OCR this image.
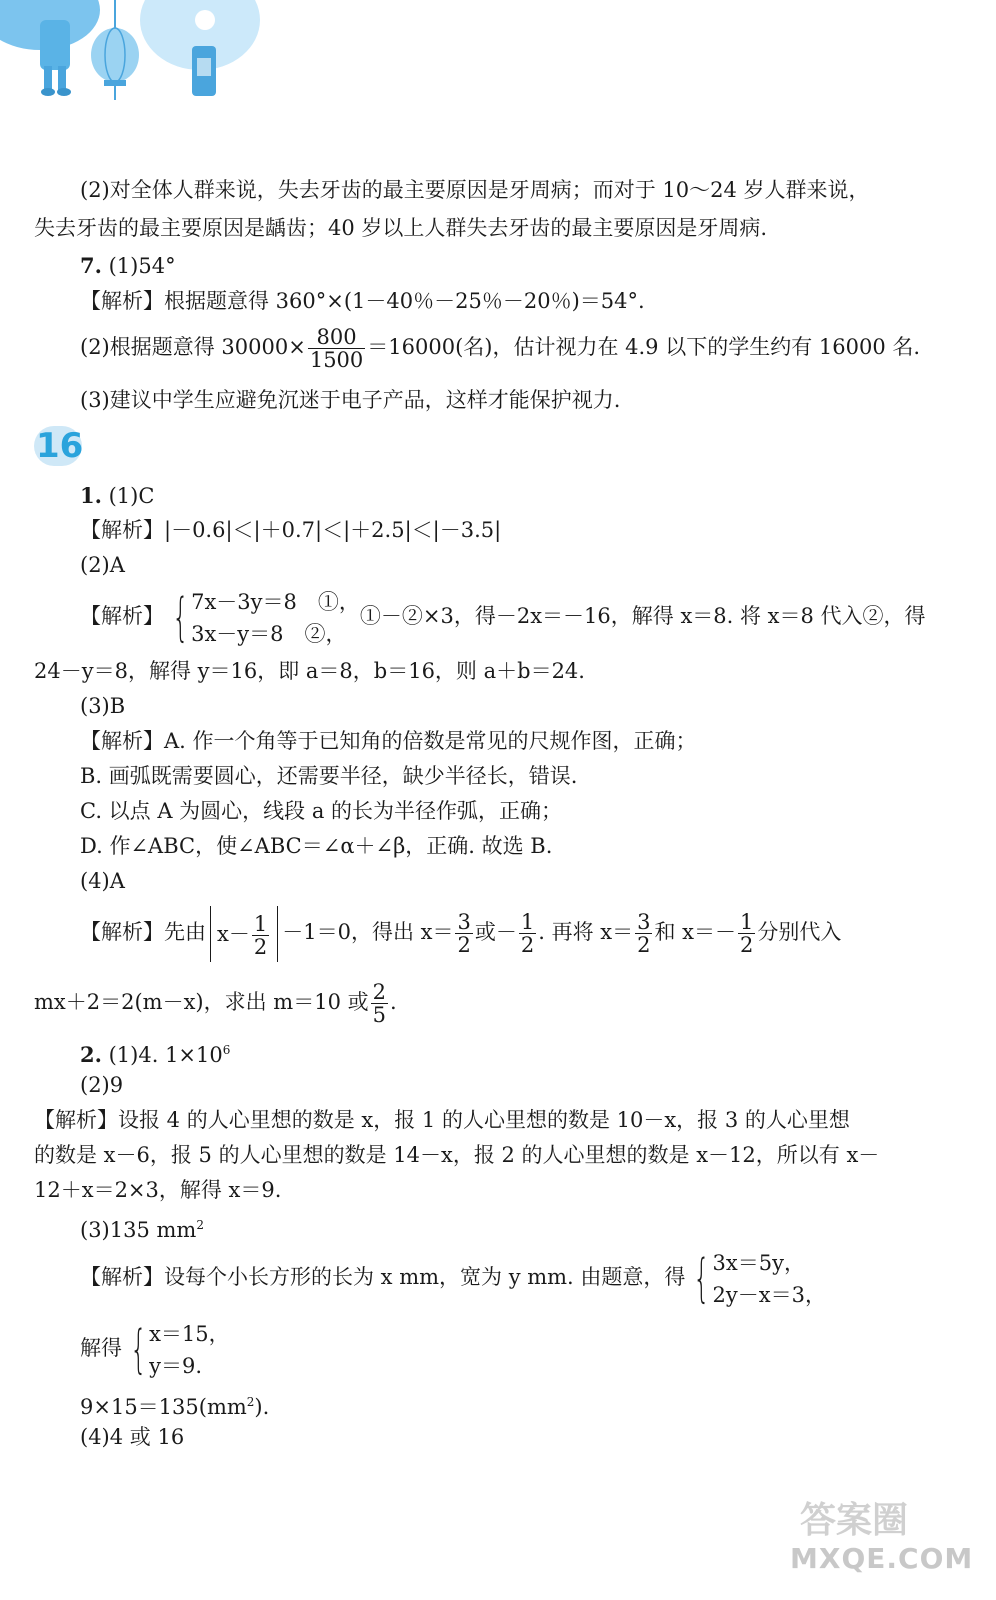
(2)对全体人群来说，失去牙齿的最主要原因是牙周病；而对于 10～24 岁人群来说，
失去牙齿的最主要原因是龋齿；40 岁以上人群失去牙齿的最主要原因是牙周病.
7. (1)54°
【解析】根据题意得 360°×(1－40％－25％－20％)＝54°.
(2)根据题意得 $30000\times \frac{800}{1500} =16000$(名)，估计视力在 4.9 以下的学生约有 16000 名.
(3)建议中学生应避免沉迷于电子产品，这样才能保护视力.
16
1. (1)C
【解析】|－0.6|＜|＋0.7|＜|＋2.5|＜|－3.5|
(2)A
【解析】 { 7x－3y＝8　①，
3x－y＝8　②，
①－②×3，得－2x＝－16，解得 x＝8. 将 x＝8 代入②，得
24－y＝8，解得 y＝16，即 a＝8，b＝16，则 a＋b＝24.
(3)B
【解析】A. 作一个角等于已知角的倍数是常见的尺规作图，正确；
B. 画弧既需要圆心，还需要半径，缺少半径长，错误.
C. 以点 A 为圆心，线段 a 的长为半径作弧，正确；
D. 作∠ABC，使∠ABC＝∠α＋∠β，正确. 故选 B.
(4)A
【解析】先由 $x- \frac{1}{2} -1=0$，得出 $x= \frac{3}{2}$ 或－ $\frac{1}{2}$ . 再将 $x= \frac{3}{2}$ 和 $x=- \frac{1}{2}$ 分别代入
mx＋2＝2(m－x)，求出 m＝10 或 $\frac{2}{5}$ .
2. (1)4. $1\times 10^6$
(2)9
【解析】设报 4 的人心里想的数是 x，报 1 的人心里想的数是 10－x，报 3 的人心里想
的数是 x－6，报 5 的人心里想的数是 14－x，报 2 的人心里想的数是 x－12，所以有 x－
12＋x＝2×3，解得 x＝9.
(3)135 $mm^2$
【解析】设每个小长方形的长为 x mm，宽为 y mm. 由题意，得 { 3x＝5y，
2y－x＝3，
解得 { x＝15，
y＝9.
$9\times 15=135(mm^2)$.
(4)4 或 16
答案圈
MXQE.COM
